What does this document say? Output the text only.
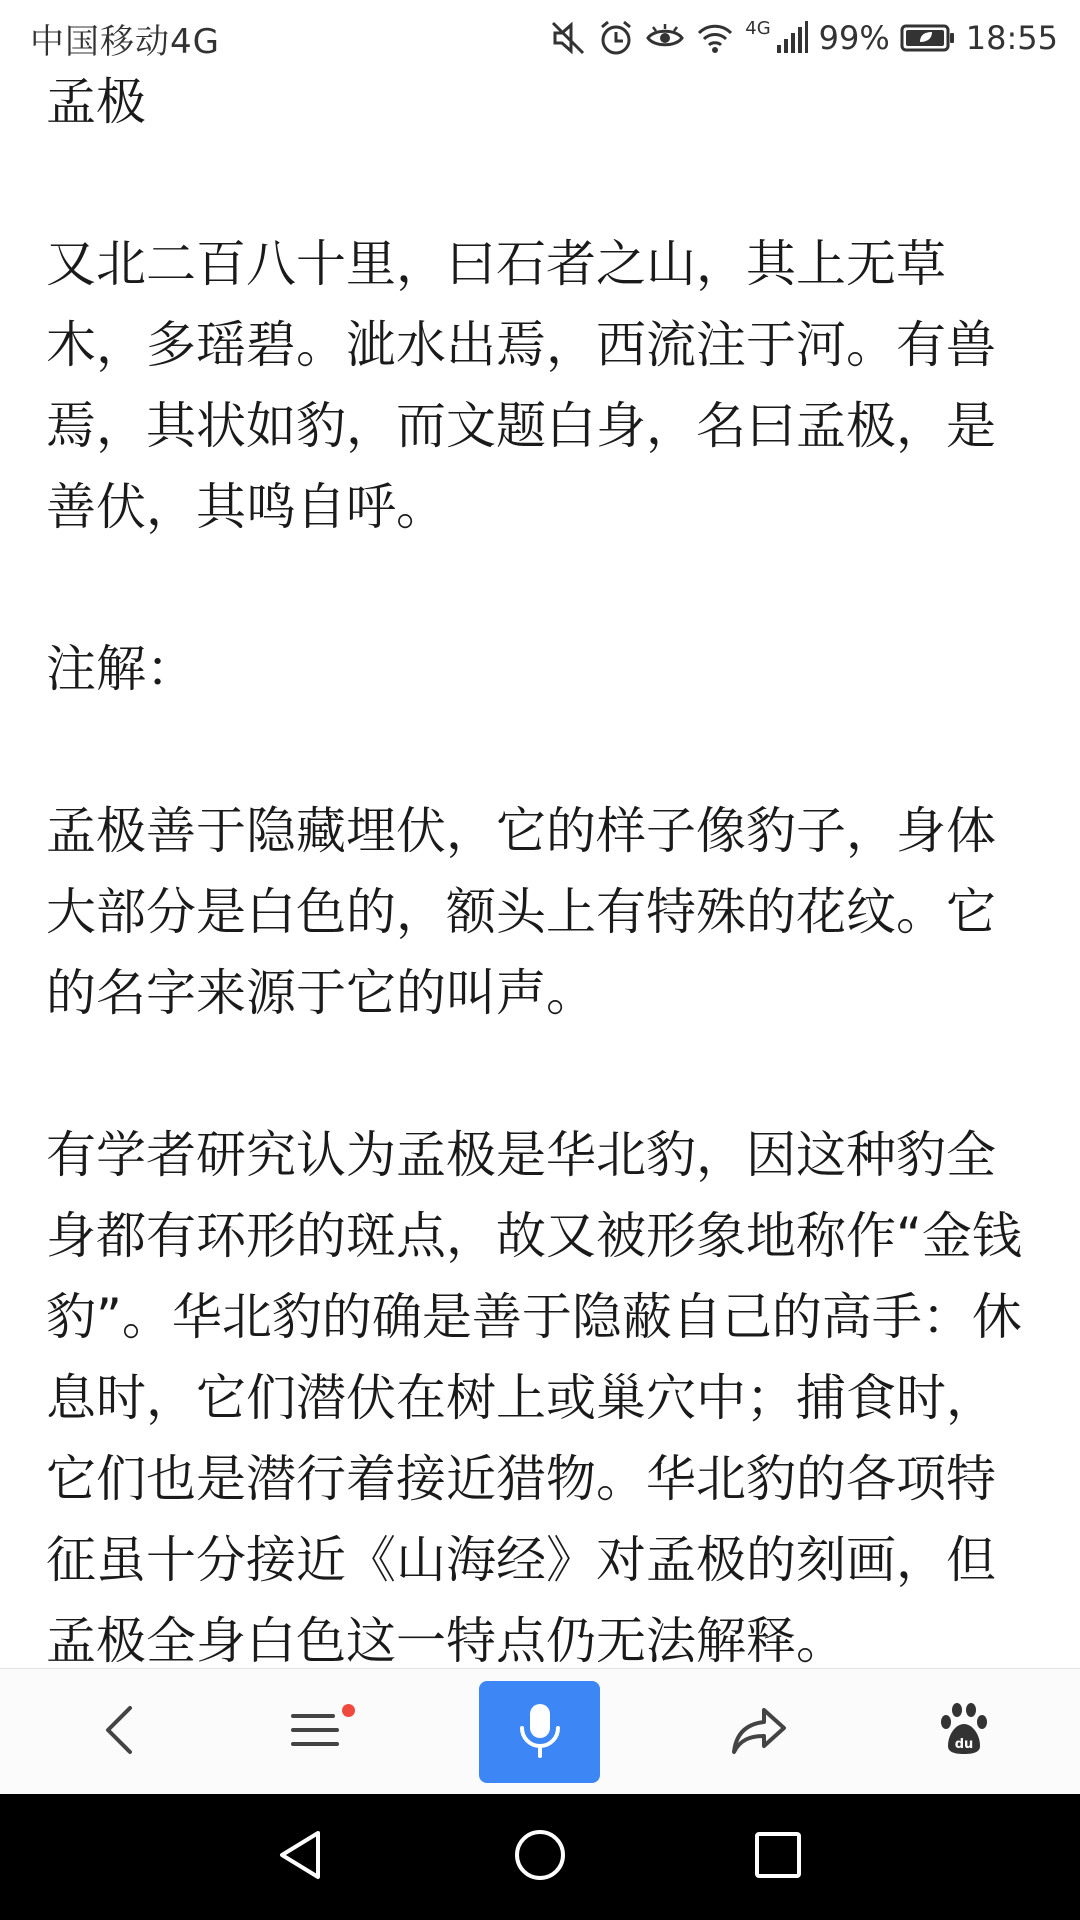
中国移动4G	4G 99% 18:55

孟极

又北二百八十里，曰石者之山，其上无草木，多瑶碧。泚水出焉，西流注于河。有兽焉，其状如豹，而文题白身，名曰孟极，是善伏，其鸣自呼。

注解：

孟极善于隐藏埋伏，它的样子像豹子，身体大部分是白色的，额头上有特殊的花纹。它的名字来源于它的叫声。

有学者研究认为孟极是华北豹，因这种豹全身都有环形的斑点，故又被形象地称作“金钱豹”。华北豹的确是善于隐蔽自己的高手：休息时，它们潜伏在树上或巢穴中；捕食时，它们也是潜行着接近猎物。华北豹的各项特征虽十分接近《山海经》对孟极的刻画，但孟极全身白色这一特点仍无法解释。

du
